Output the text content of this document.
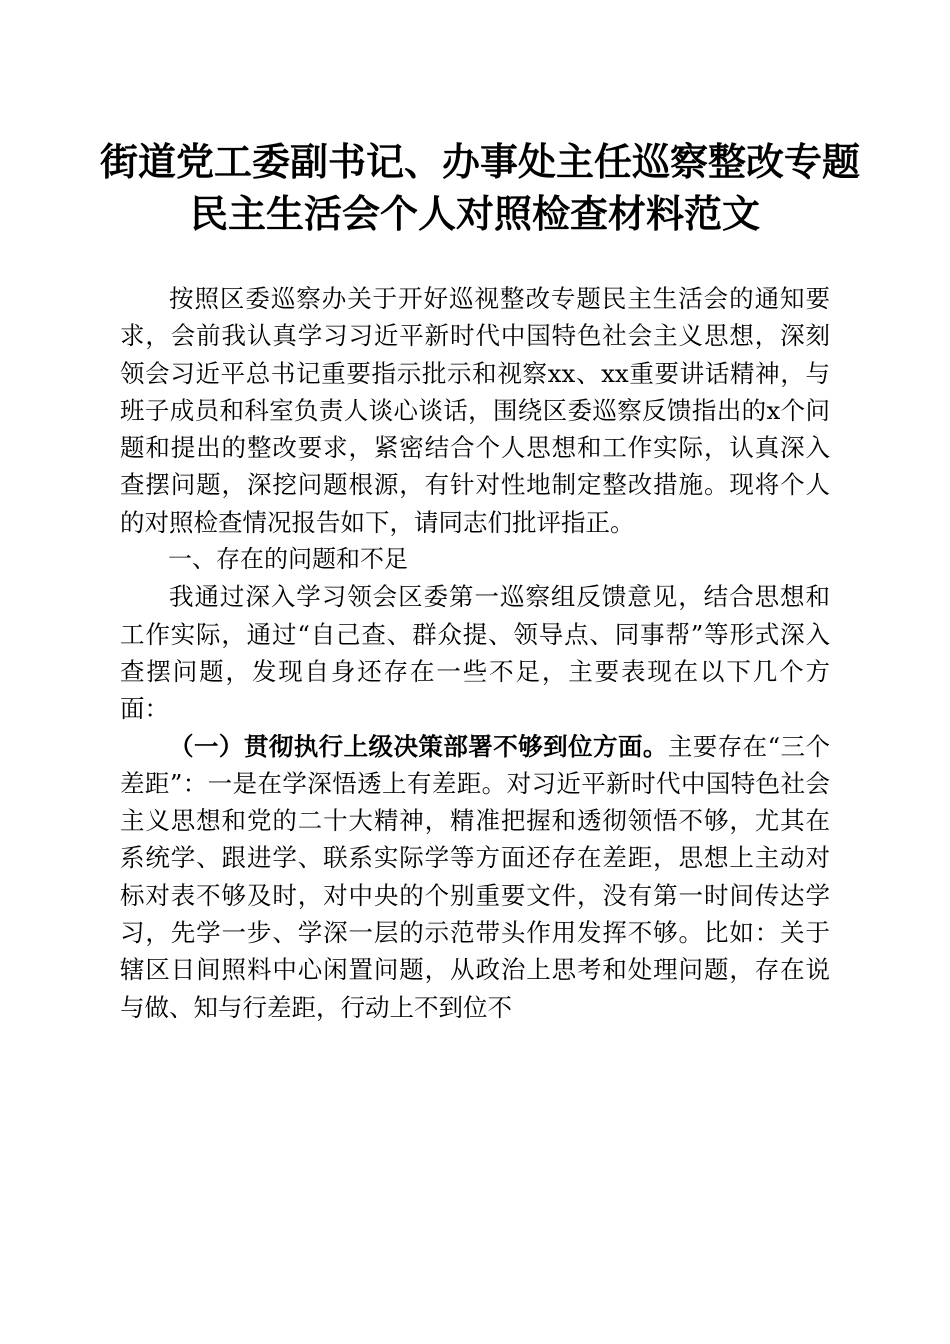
街道党工委副书记、办事处主任巡察整改专题
民主生活会个人对照检查材料范文

按照区委巡察办关于开好巡视整改专题民主生活会的通知要求，会前我认真学习习近平新时代中国特色社会主义思想，深刻领会习近平总书记重要指示批示和视察xx、xx重要讲话精神，与班子成员和科室负责人谈心谈话，围绕区委巡察反馈指出的x个问题和提出的整改要求，紧密结合个人思想和工作实际，认真深入查摆问题，深挖问题根源，有针对性地制定整改措施。现将个人的对照检查情况报告如下，请同志们批评指正。

一、存在的问题和不足

我通过深入学习领会区委第一巡察组反馈意见，结合思想和工作实际，通过“自己查、群众提、领导点、同事帮”等形式深入查摆问题，发现自身还存在一些不足，主要表现在以下几个方面：

（一）贯彻执行上级决策部署不够到位方面。主要存在“三个差距”：一是在学深悟透上有差距。对习近平新时代中国特色社会主义思想和党的二十大精神，精准把握和透彻领悟不够，尤其在系统学、跟进学、联系实际学等方面还存在差距，思想上主动对标对表不够及时，对中央的个别重要文件，没有第一时间传达学习，先学一步、学深一层的示范带头作用发挥不够。比如：关于辖区日间照料中心闲置问题，从政治上思考和处理问题，存在说与做、知与行差距，行动上不到位不
